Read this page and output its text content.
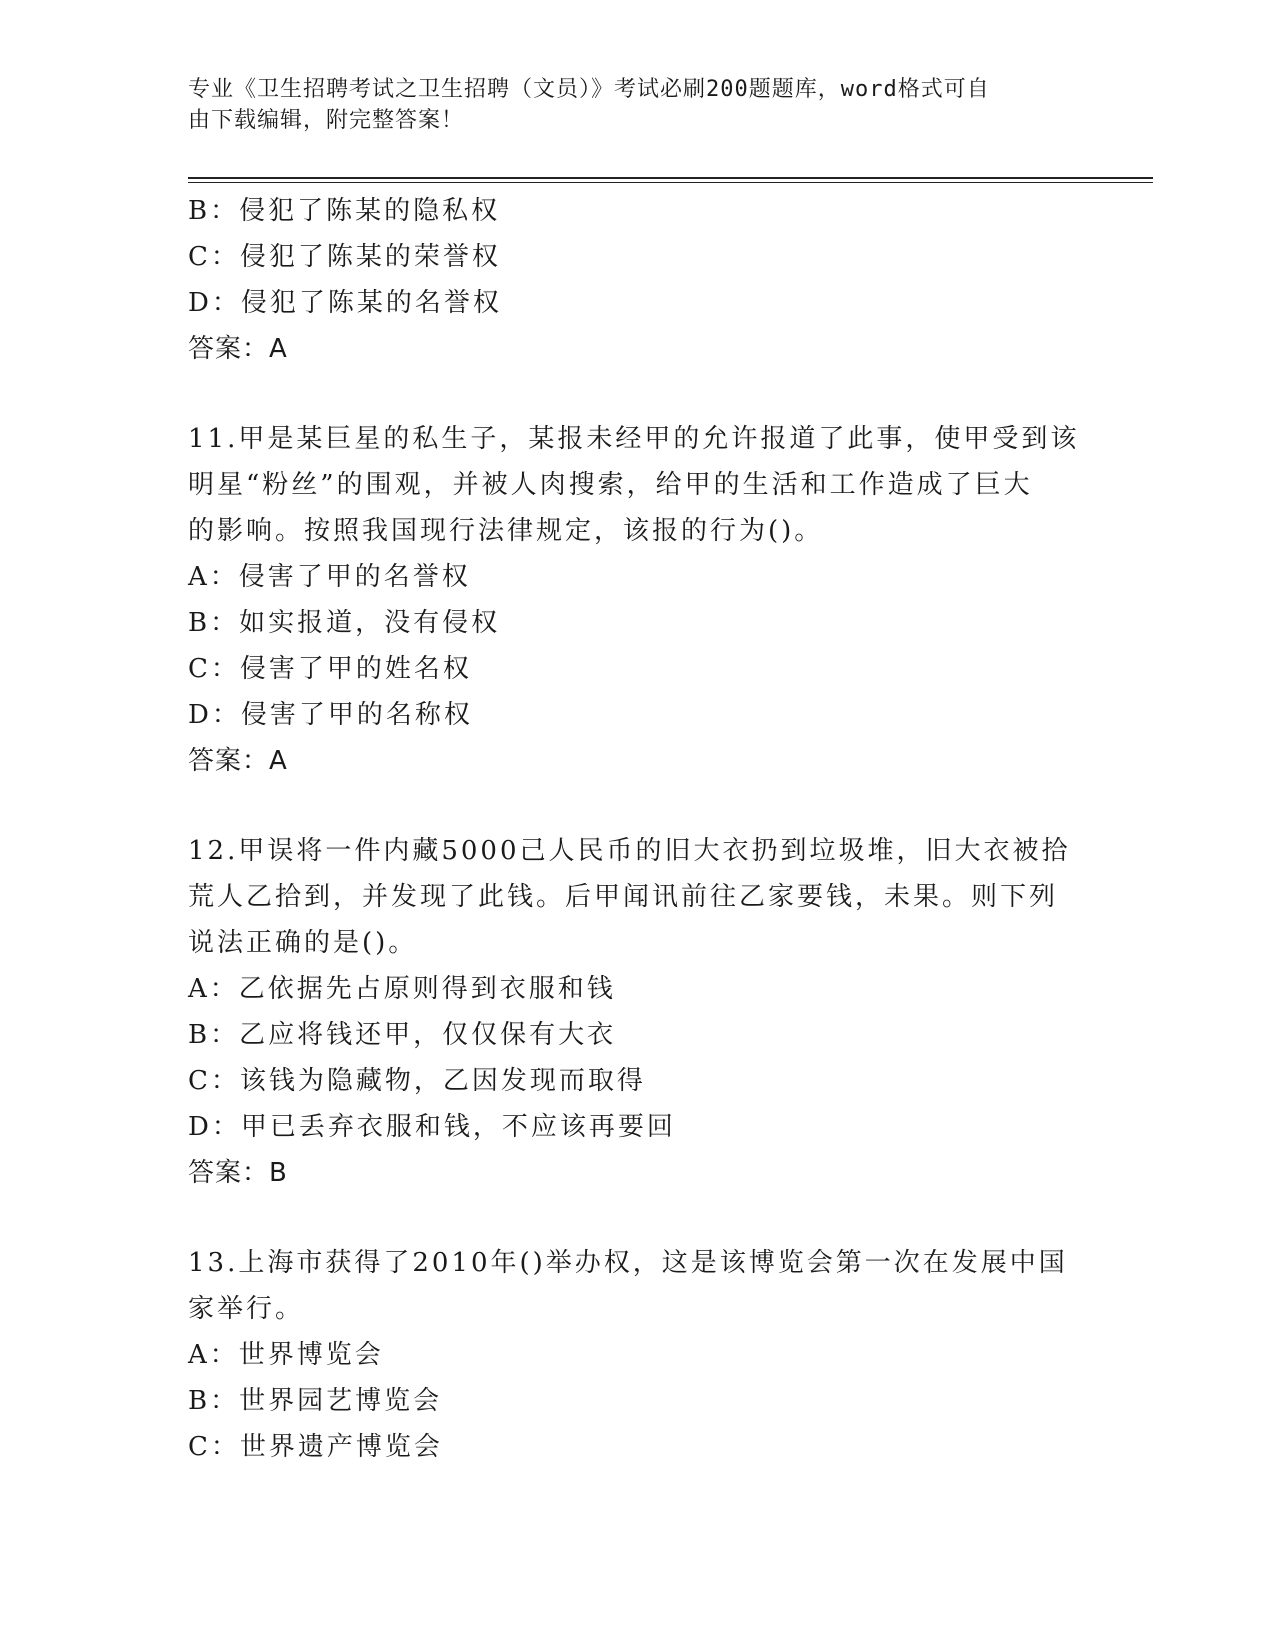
专业《卫生招聘考试之卫生招聘（文员）》考试必刷200题题库，word格式可自
由下载编辑，附完整答案！
B：侵犯了陈某的隐私权
C：侵犯了陈某的荣誉权
D：侵犯了陈某的名誉权
答案：A
11.甲是某巨星的私生子，某报未经甲的允许报道了此事，使甲受到该
明星“粉丝”的围观，并被人肉搜索，给甲的生活和工作造成了巨大
的影响。按照我国现行法律规定，该报的行为()。
A：侵害了甲的名誉权
B：如实报道，没有侵权
C：侵害了甲的姓名权
D：侵害了甲的名称权
答案：A
12.甲误将一件内藏5000己人民币的旧大衣扔到垃圾堆，旧大衣被拾
荒人乙拾到，并发现了此钱。后甲闻讯前往乙家要钱，未果。则下列
说法正确的是()。
A：乙依据先占原则得到衣服和钱
B：乙应将钱还甲，仅仅保有大衣
C：该钱为隐藏物，乙因发现而取得
D：甲已丢弃衣服和钱，不应该再要回
答案：B
13.上海市获得了2010年()举办权，这是该博览会第一次在发展中国
家举行。
A：世界博览会
B：世界园艺博览会
C：世界遗产博览会
